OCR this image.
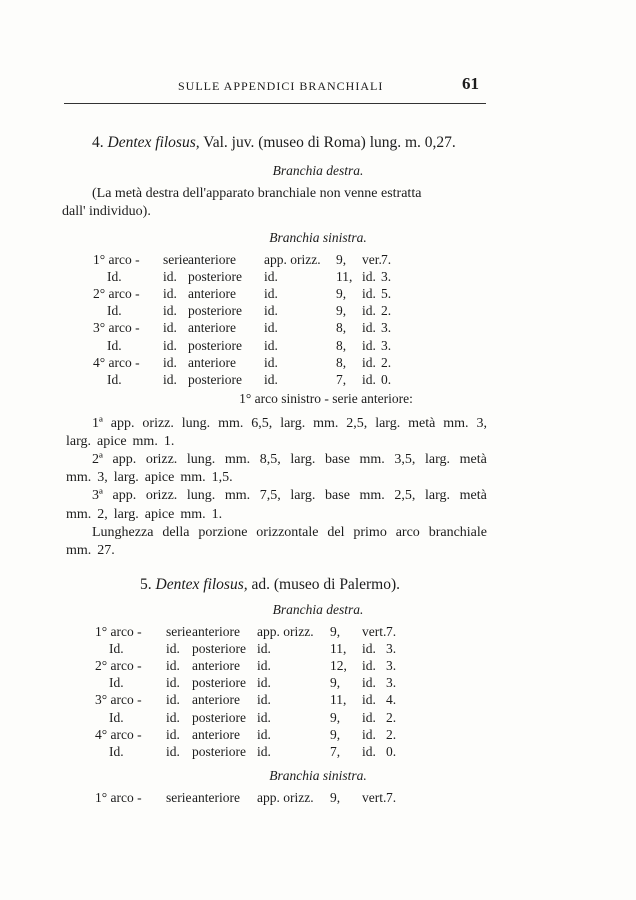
SULLE APPENDICI BRANCHIALI	61
4. Dentex filosus, Val. juv. (museo di Roma) lung. m. 0,27.
Branchia destra.
(La metà destra dell'apparato branchiale non venne estratta
dall' individuo).
Branchia sinistra.
1° arco - serie anteriore app. orizz. 9, ver. 7.
Id.	id. posteriore id.	11, id. 3.
2° arco - id. anteriore id.	9, id. 5.
Id.	id. posteriore id.	9, id. 2.
3° arco - id. anteriore id.	8, id. 3.
Id.	id. posteriore id.	8, id. 3.
4° arco - id. anteriore id.	8, id. 2.
Id.	id. posteriore id.	7, id. 0.
1° arco sinistro - serie anteriore:
1ª app. orizz. lung. mm. 6,5, larg. mm. 2,5, larg. metà mm. 3,
larg. apice mm. 1.
2ª app. orizz. lung. mm. 8,5, larg. base mm. 3,5, larg. metà
mm. 3, larg. apice mm. 1,5.
3ª app. orizz. lung. mm. 7,5, larg. base mm. 2,5, larg. metà
mm. 2, larg. apice mm. 1.
Lunghezza della porzione orizzontale del primo arco branchiale
mm. 27.
5. Dentex filosus, ad. (museo di Palermo).
Branchia destra.
1° arco - serie anteriore app. orizz. 9, vert. 7.
Id.	id. posteriore id.	11, id. 3.
2° arco - id. anteriore id.	12, id. 3.
Id.	id. posteriore id.	9, id. 3.
3° arco - id. anteriore id.	11, id. 4.
Id.	id. posteriore id.	9, id. 2.
4° arco - id. anteriore id.	9, id. 2.
Id.	id. posteriore id.	7, id. 0.
Branchia sinistra.
1° arco - serie anteriore app. orizz. 9, vert. 7.
